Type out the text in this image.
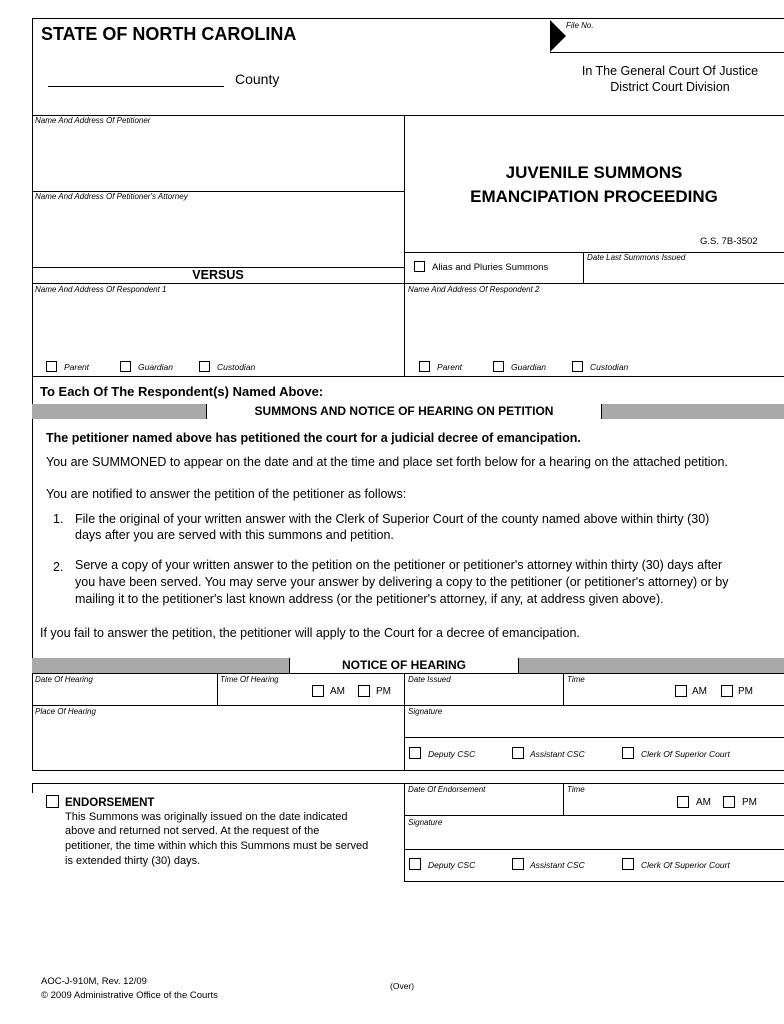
STATE OF NORTH CAROLINA
County
File No.
In The General Court Of Justice
District Court Division
Name And Address Of Petitioner
Name And Address Of Petitioner's Attorney
VERSUS
JUVENILE SUMMONS
EMANCIPATION PROCEEDING
G.S. 7B-3502
Alias and Pluries Summons
Date Last Summons Issued
Name And Address Of Respondent 1	Name And Address Of Respondent 2
Parent	Guardian	Custodian	Parent	Guardian	Custodian
To Each Of The Respondent(s) Named Above:
SUMMONS AND NOTICE OF HEARING ON PETITION
The petitioner named above has petitioned the court for a judicial decree of emancipation.
You are SUMMONED to appear on the date and at the time and place set forth below for a hearing on the attached petition.
You are notified to answer the petition of the petitioner as follows:
1. File the original of your written answer with the Clerk of Superior Court of the county named above within thirty (30)
days after you are served with this summons and petition.
2. Serve a copy of your written answer to the petition on the petitioner or petitioner's attorney within thirty (30) days after
you have been served. You may serve your answer by delivering a copy to the petitioner (or petitioner's attorney) or by
mailing it to the petitioner's last known address (or the petitioner's attorney, if any, at address given above).
If you fail to answer the petition, the petitioner will apply to the Court for a decree of emancipation.
NOTICE OF HEARING
Date Of Hearing	Time Of Hearing
AM	PM
Date Issued	Time
AM	PM
Place Of Hearing	Signature
Deputy CSC	Assistant CSC	Clerk Of Superior Court
ENDORSEMENT
This Summons was originally issued on the date indicated
above and returned not served. At the request of the
petitioner, the time within which this Summons must be served
is extended thirty (30) days.
Date Of Endorsement	Time
AM	PM
Signature
Deputy CSC	Assistant CSC	Clerk Of Superior Court
AOC-J-910M, Rev. 12/09
© 2009 Administrative Office of the Courts
(Over)
